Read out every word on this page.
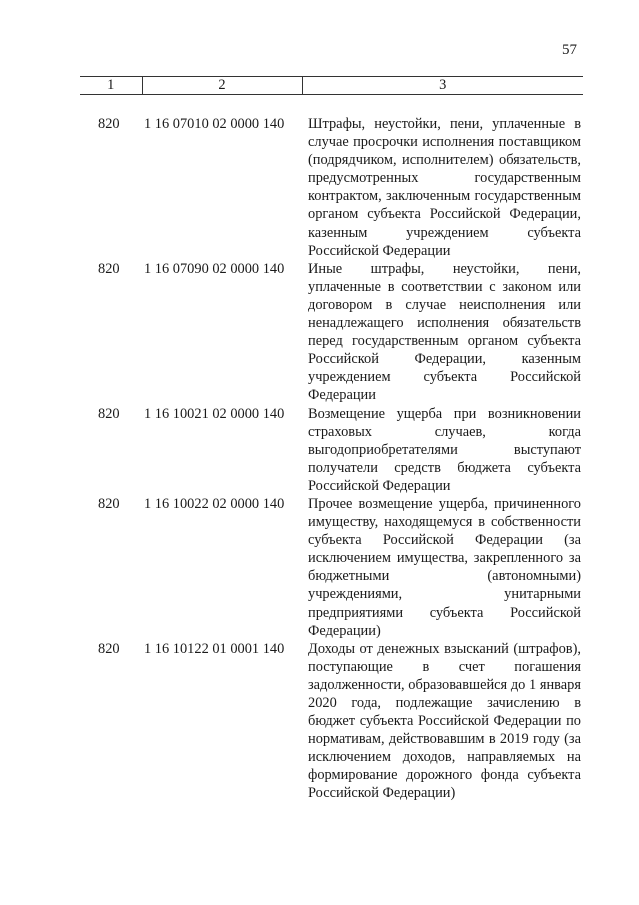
57
1	2	3
820	1 16 07010 02 0000 140	Штрафы, неустойки, пени, уплаченные в случае просрочки исполнения поставщиком (подрядчиком, исполнителем) обязательств, предусмотренных государственным контрактом, заключенным государственным органом субъекта Российской Федерации, казенным учреждением субъекта Российской Федерации
820	1 16 07090 02 0000 140	Иные штрафы, неустойки, пени, уплаченные в соответствии с законом или договором в случае неисполнения или ненадлежащего исполнения обязательств перед государственным органом субъекта Российской Федерации, казенным учреждением субъекта Российской Федерации
820	1 16 10021 02 0000 140	Возмещение ущерба при возникновении страховых случаев, когда выгодоприобретателями выступают получатели средств бюджета субъекта Российской Федерации
820	1 16 10022 02 0000 140	Прочее возмещение ущерба, причиненного имуществу, находящемуся в собственности субъекта Российской Федерации (за исключением имущества, закрепленного за бюджетными (автономными) учреждениями, унитарными предприятиями субъекта Российской Федерации)
820	1 16 10122 01 0001 140	Доходы от денежных взысканий (штрафов), поступающие в счет погашения задолженности, образовавшейся до 1 января 2020 года, подлежащие зачислению в бюджет субъекта Российской Федерации по нормативам, действовавшим в 2019 году (за исключением доходов, направляемых на формирование дорожного фонда субъекта Российской Федерации)
